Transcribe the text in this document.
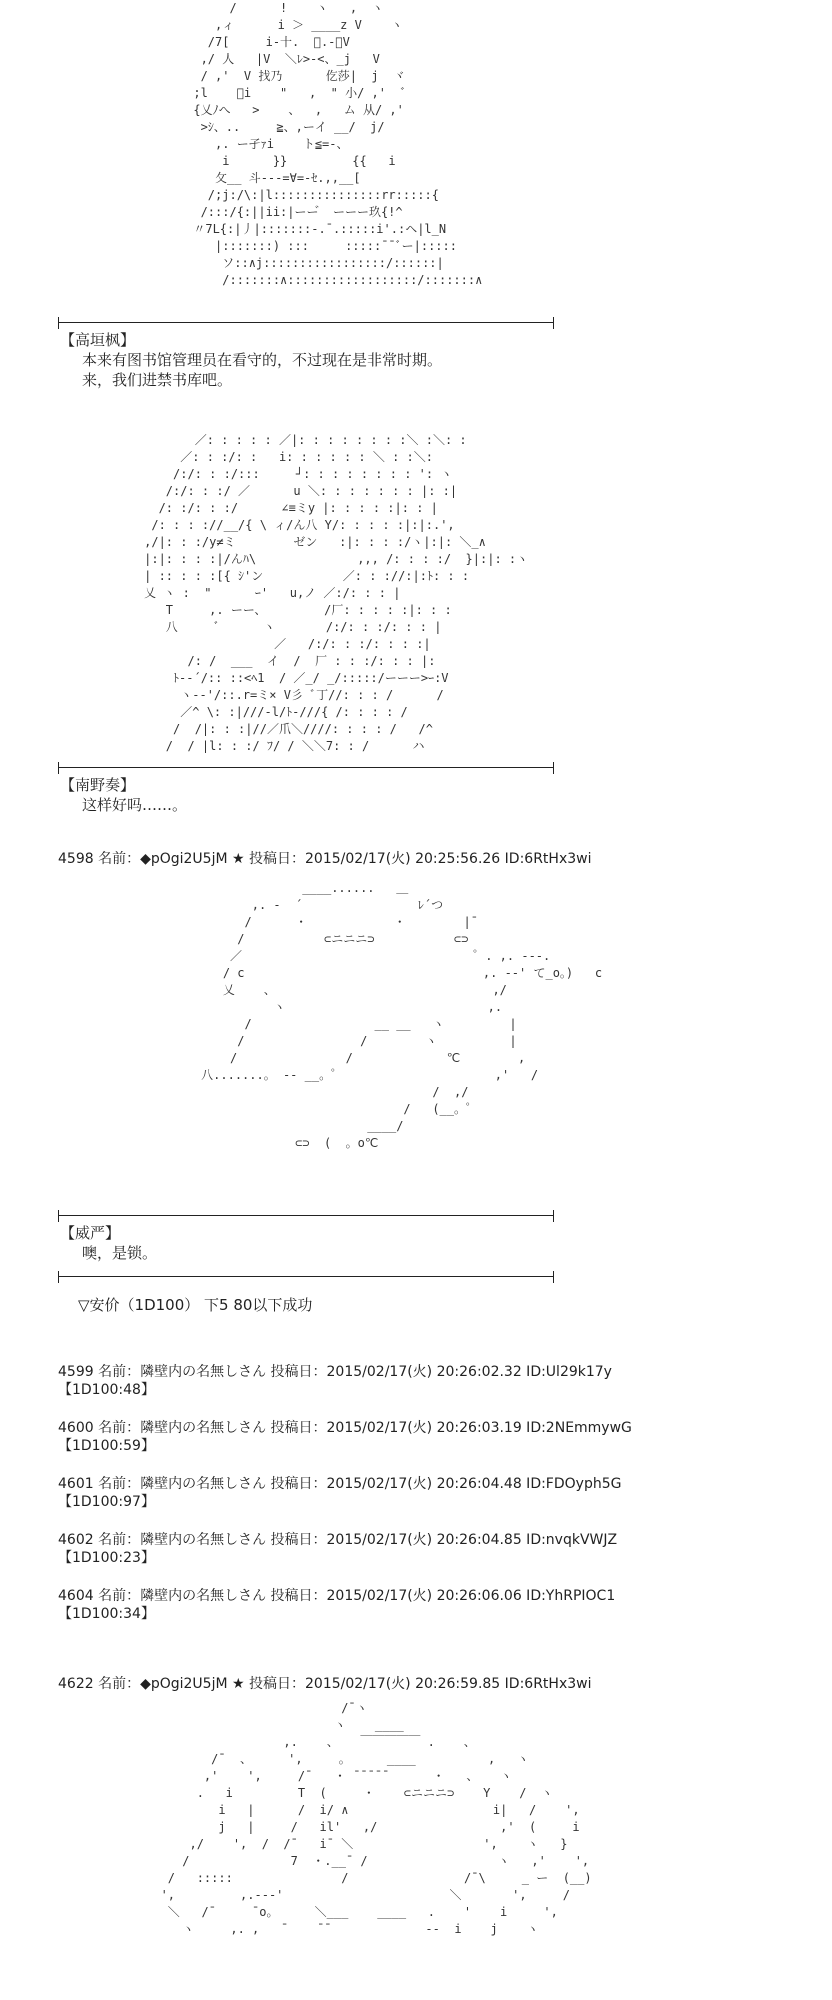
/      !    ヽ   ,  ヽ
,ィ      i ＞ ____z V    ヽ
/7[     i-十.  ゙.-ーV
,/ 人   |V  ＼ﾚ>-<、_j   V
/ ,'  V 找乃      仡莎|  j  ヾ
;l    ゙i    "   ,  " 小/ ,'  ﾞ
{乂ﾉへ   >    、  ,   ム 从/ ,'
>ｼ、..     ≧、,ーイ __/  j/
,. ー孑ｧi    ト≦=-、
i      }}         {{   i
攵__ 斗---=∀=-ｾ.,,__[
/;j:/\:|l:::::::::::::::rr:::::{
/:::/{:||ii:|ーー゙  ーーー玖{!^
〃7L{:|丿|:::::::-.¯.:::::i'.:ヘ|l_N
|:::::::) :::     :::::¯¯ﾞー|:::::
ソ::∧j:::::::::::::::::/::::::|
/:::::::∧::::::::::::::::::/:::::::∧
【高垣枫】
本来有图书馆管理员在看守的，不过现在是非常时期。
来，我们进禁书库吧。
／: : : : : ／|: : : : : : : :＼ :＼: :
／: : :/: :   i: : : : : : ＼ : :＼:
/:/: : :/:::     ┘: : : : : : : : ': ヽ
/:/: : :/ ／      u ＼: : : : : : : |: :|
/: :/: : :/      ∠≡ミy |: : : : :|: : |
/: : : ://__/{ \ ィ/ん八 Y/: : : : :|:|:.',
,/|: : :/y≠ミ        ゼン   :|: : : :/ヽ|:|: ＼_∧
|:|: : : :|/んﾊ\              ,,, /: : : :/  }|:|: :ヽ
| :: : : :[{ ｼ'ン           ／: : ://:|:ﾄ: : :
乂 ヽ :  "      ｰ'   u,ノ ／:/: : : |
T     ,. ーー、        /厂: : : : :|: : :
八     ﾞ      ヽ       /:/: : :/: : : |
／   /:/: : :/: : : :|
/: /  ___  イ  /  厂 : : :/: : : |:
ﾄ-‐´/:: ::<ﾍ1  / ／_/ _/:::::/ーーー>ｰ:V
ヽ--'/::.r=ミ× V彡 ﾞ丁//: : : /      /
／^ \: :|///-l/ﾄ-///{ /: : : : /
/  /|: : :|//／爪＼////: : : : /   /^
/  / |l: : :/ ﾌ/ / ＼＼7: : /      ハ
【南野奏】
这样好吗……。
4598 名前：◆pOgi2U5jM ★ 投稿日：2015/02/17(火) 20:25:56.26 ID:6RtHx3wi
____......   ＿
,. ‐  ´                ﾚ´つ
/      ・            ・        |¯
/           ⊂ニニニ⊃           ⊂⊃
／                                ゜. ,. -‐‐.
/ c                                 ,. -‐' て_o。)   c
乂    、                              ,/
ヽ                            ,.
/                 __ __   ヽ         |
/                /        ヽ          |
/               /             ℃        ,
八.......。 ‐‐ __。゜                     ,'   /
/  ,/
/   (__。゜
____/
⊂⊃  (  。o℃
【威严】
噢，是锁。
▽安价（1D100） 下5 80以下成功
4599 名前：隣壁内の名無しさん 投稿日：2015/02/17(火) 20:26:02.32 ID:Ul29k17y
【1D100:48】
4600 名前：隣壁内の名無しさん 投稿日：2015/02/17(火) 20:26:03.19 ID:2NEmmywG
【1D100:59】
4601 名前：隣壁内の名無しさん 投稿日：2015/02/17(火) 20:26:04.48 ID:FDOyph5G
【1D100:97】
4602 名前：隣壁内の名無しさん 投稿日：2015/02/17(火) 20:26:04.85 ID:nvqkVWJZ
【1D100:23】
4604 名前：隣壁内の名無しさん 投稿日：2015/02/17(火) 20:26:06.06 ID:YhRPIOC1
【1D100:34】
4622 名前：◆pOgi2U5jM ★ 投稿日：2015/02/17(火) 20:26:59.85 ID:6RtHx3wi
/¯ヽ
ヽ    ____
,.    、   ￣￣￣￣￣ .    、
/¯  、     ',     。     ____          ,   ヽ
,'    ',     /¯   ・ ¯¯¯¯¯      ・   、   ヽ
.   i         T  (     ・    ⊂ニニニ⊃    Y    /  ヽ
i   |      /  i/ ∧                    i|   /    ',
j   |     /   il'   ,/                 ,'  (     i
,/    ',  /  /¯   i¯ ＼                  ',    ヽ   }
/              7  ・.__¯ /                  ヽ   ,'    ',
/   :::::               /                /¯\     _ ー  (__)
',         ,.--‐'                       ＼       ',     /
＼   /¯     ¯o。     ＼___    ____   .    '    i     ',
ヽ     ,. ,   ¯    ¯¯             ‐‐  i    j    ヽ
